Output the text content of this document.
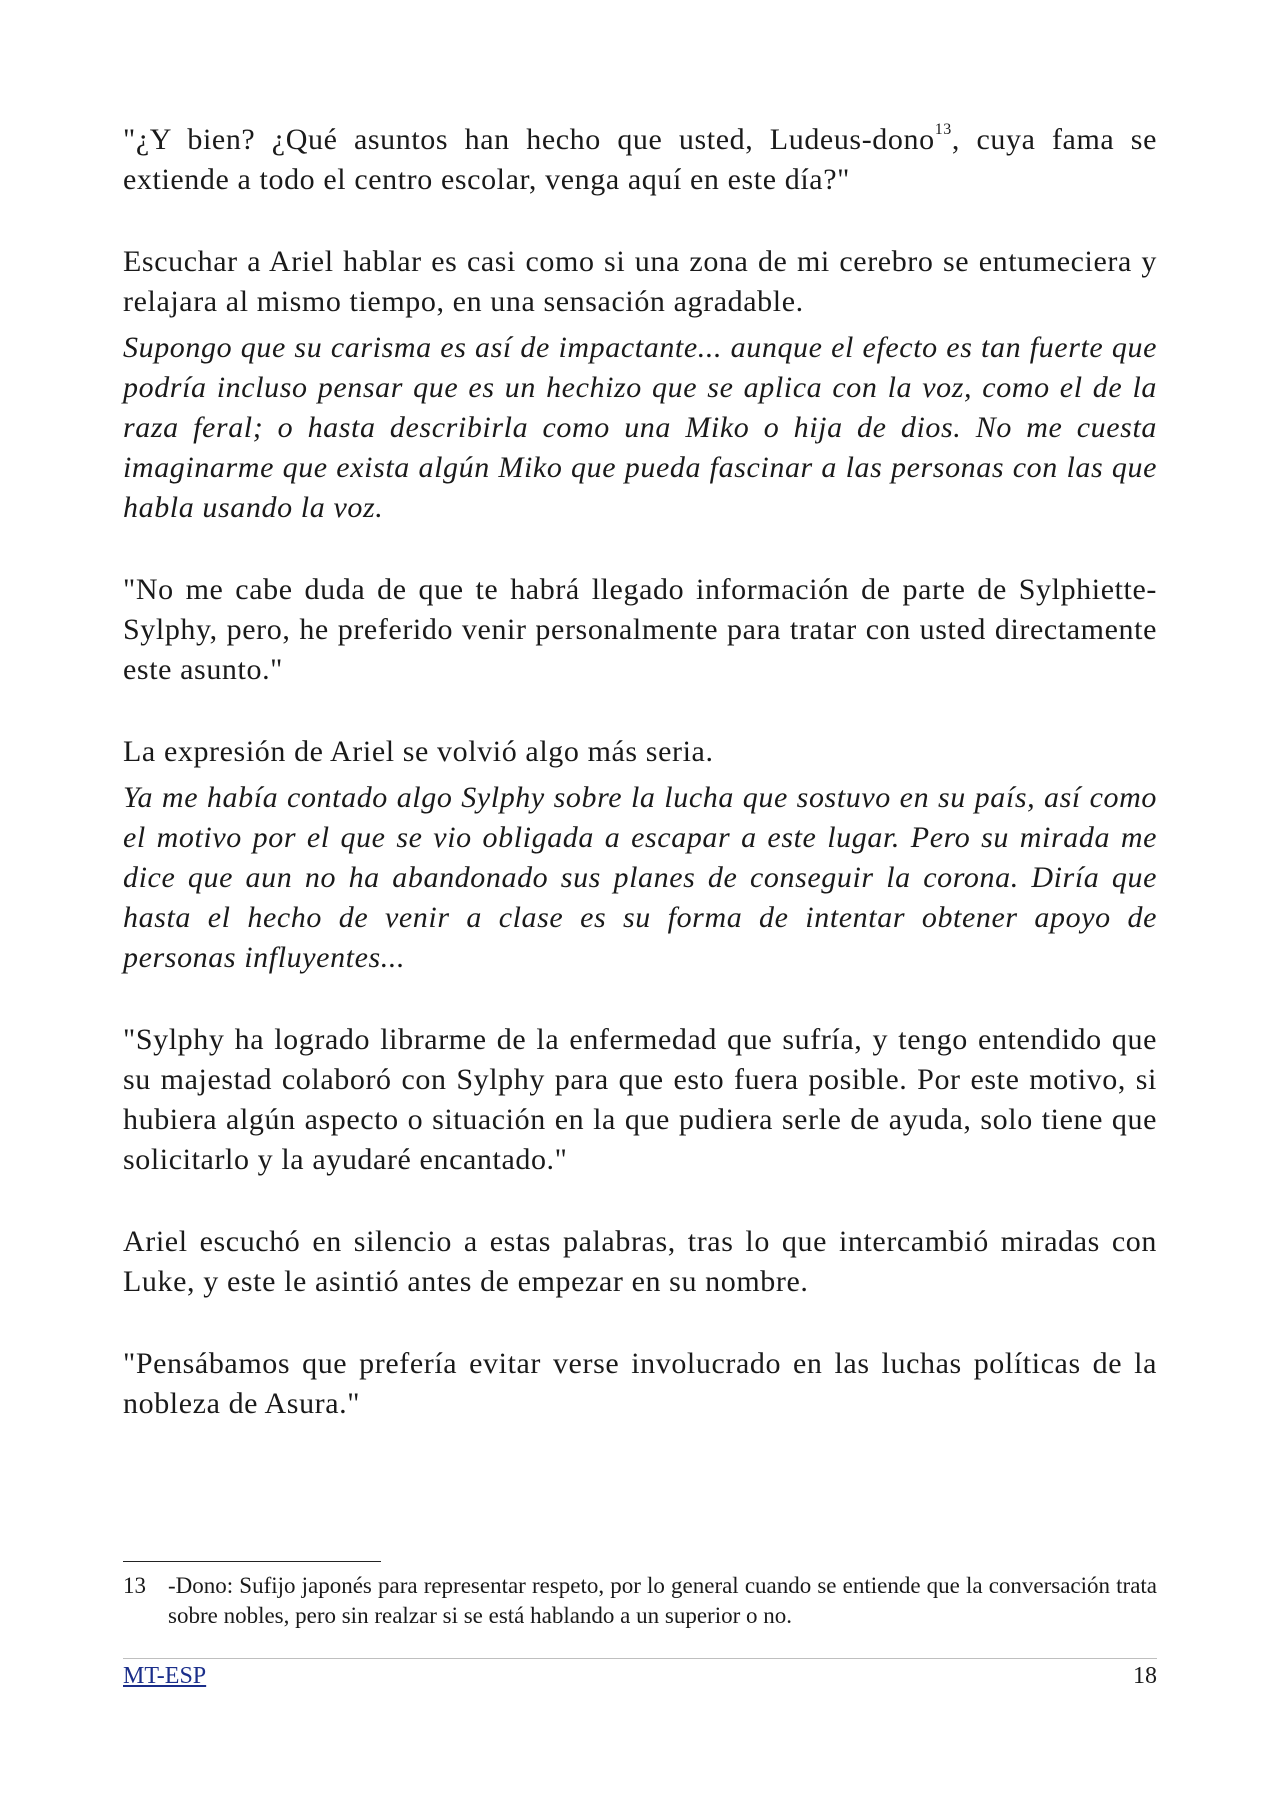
"¿Y bien? ¿Qué asuntos han hecho que usted, Ludeus-dono$^{13}$, cuya fama se extiende a todo el centro escolar, venga aquí en este día?"

Escuchar a Ariel hablar es casi como si una zona de mi cerebro se entumeciera y relajara al mismo tiempo, en una sensación agradable.

Supongo que su carisma es así de impactante... aunque el efecto es tan fuerte que podría incluso pensar que es un hechizo que se aplica con la voz, como el de la raza feral; o hasta describirla como una Miko o hija de dios. No me cuesta imaginarme que exista algún Miko que pueda fascinar a las personas con las que habla usando la voz.

"No me cabe duda de que te habrá llegado información de parte de Sylphiette- Sylphy, pero, he preferido venir personalmente para tratar con usted directamente este asunto."

La expresión de Ariel se volvió algo más seria.

Ya me había contado algo Sylphy sobre la lucha que sostuvo en su país, así como el motivo por el que se vio obligada a escapar a este lugar. Pero su mirada me dice que aun no ha abandonado sus planes de conseguir la corona. Diría que hasta el hecho de venir a clase es su forma de intentar obtener apoyo de personas influyentes...

"Sylphy ha logrado librarme de la enfermedad que sufría, y tengo entendido que su majestad colaboró con Sylphy para que esto fuera posible. Por este motivo, si hubiera algún aspecto o situación en la que pudiera serle de ayuda, solo tiene que solicitarlo y la ayudaré encantado."

Ariel escuchó en silencio a estas palabras, tras lo que intercambió miradas con Luke, y este le asintió antes de empezar en su nombre.

"Pensábamos que prefería evitar verse involucrado en las luchas políticas de la nobleza de Asura."

13 -Dono: Sufijo japonés para representar respeto, por lo general cuando se entiende que la conversación trata sobre nobles, pero sin realzar si se está hablando a un superior o no.
MT-ESP	18
